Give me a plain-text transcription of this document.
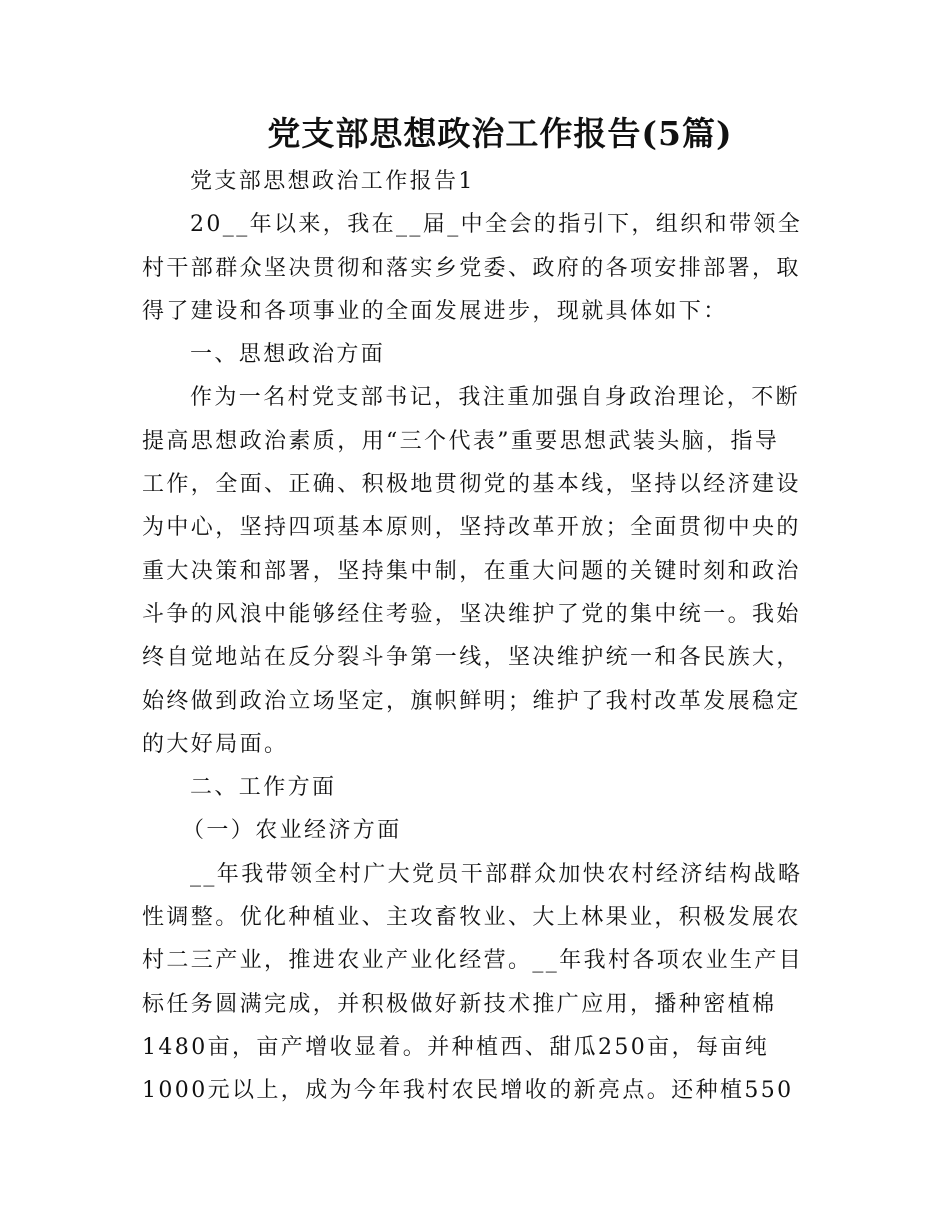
党支部思想政治工作报告(5篇)
党支部思想政治工作报告1
20__年以来，我在__届_中全会的指引下，组织和带领全
村干部群众坚决贯彻和落实乡党委、政府的各项安排部署，取
得了建设和各项事业的全面发展进步，现就具体如下：
一、思想政治方面
作为一名村党支部书记，我注重加强自身政治理论，不断
提高思想政治素质，用“三个代表”重要思想武装头脑，指导
工作，全面、正确、积极地贯彻党的基本线，坚持以经济建设
为中心，坚持四项基本原则，坚持改革开放；全面贯彻中央的
重大决策和部署，坚持集中制，在重大问题的关键时刻和政治
斗争的风浪中能够经住考验，坚决维护了党的集中统一。我始
终自觉地站在反分裂斗争第一线，坚决维护统一和各民族大，
始终做到政治立场坚定，旗帜鲜明；维护了我村改革发展稳定
的大好局面。
二、工作方面
（一）农业经济方面
__年我带领全村广大党员干部群众加快农村经济结构战略
性调整。优化种植业、主攻畜牧业、大上林果业，积极发展农
村二三产业，推进农业产业化经营。__年我村各项农业生产目
标任务圆满完成，并积极做好新技术推广应用，播种密植棉
1480亩，亩产增收显着。并种植西、甜瓜250亩，每亩纯
1000元以上，成为今年我村农民增收的新亮点。还种植550
